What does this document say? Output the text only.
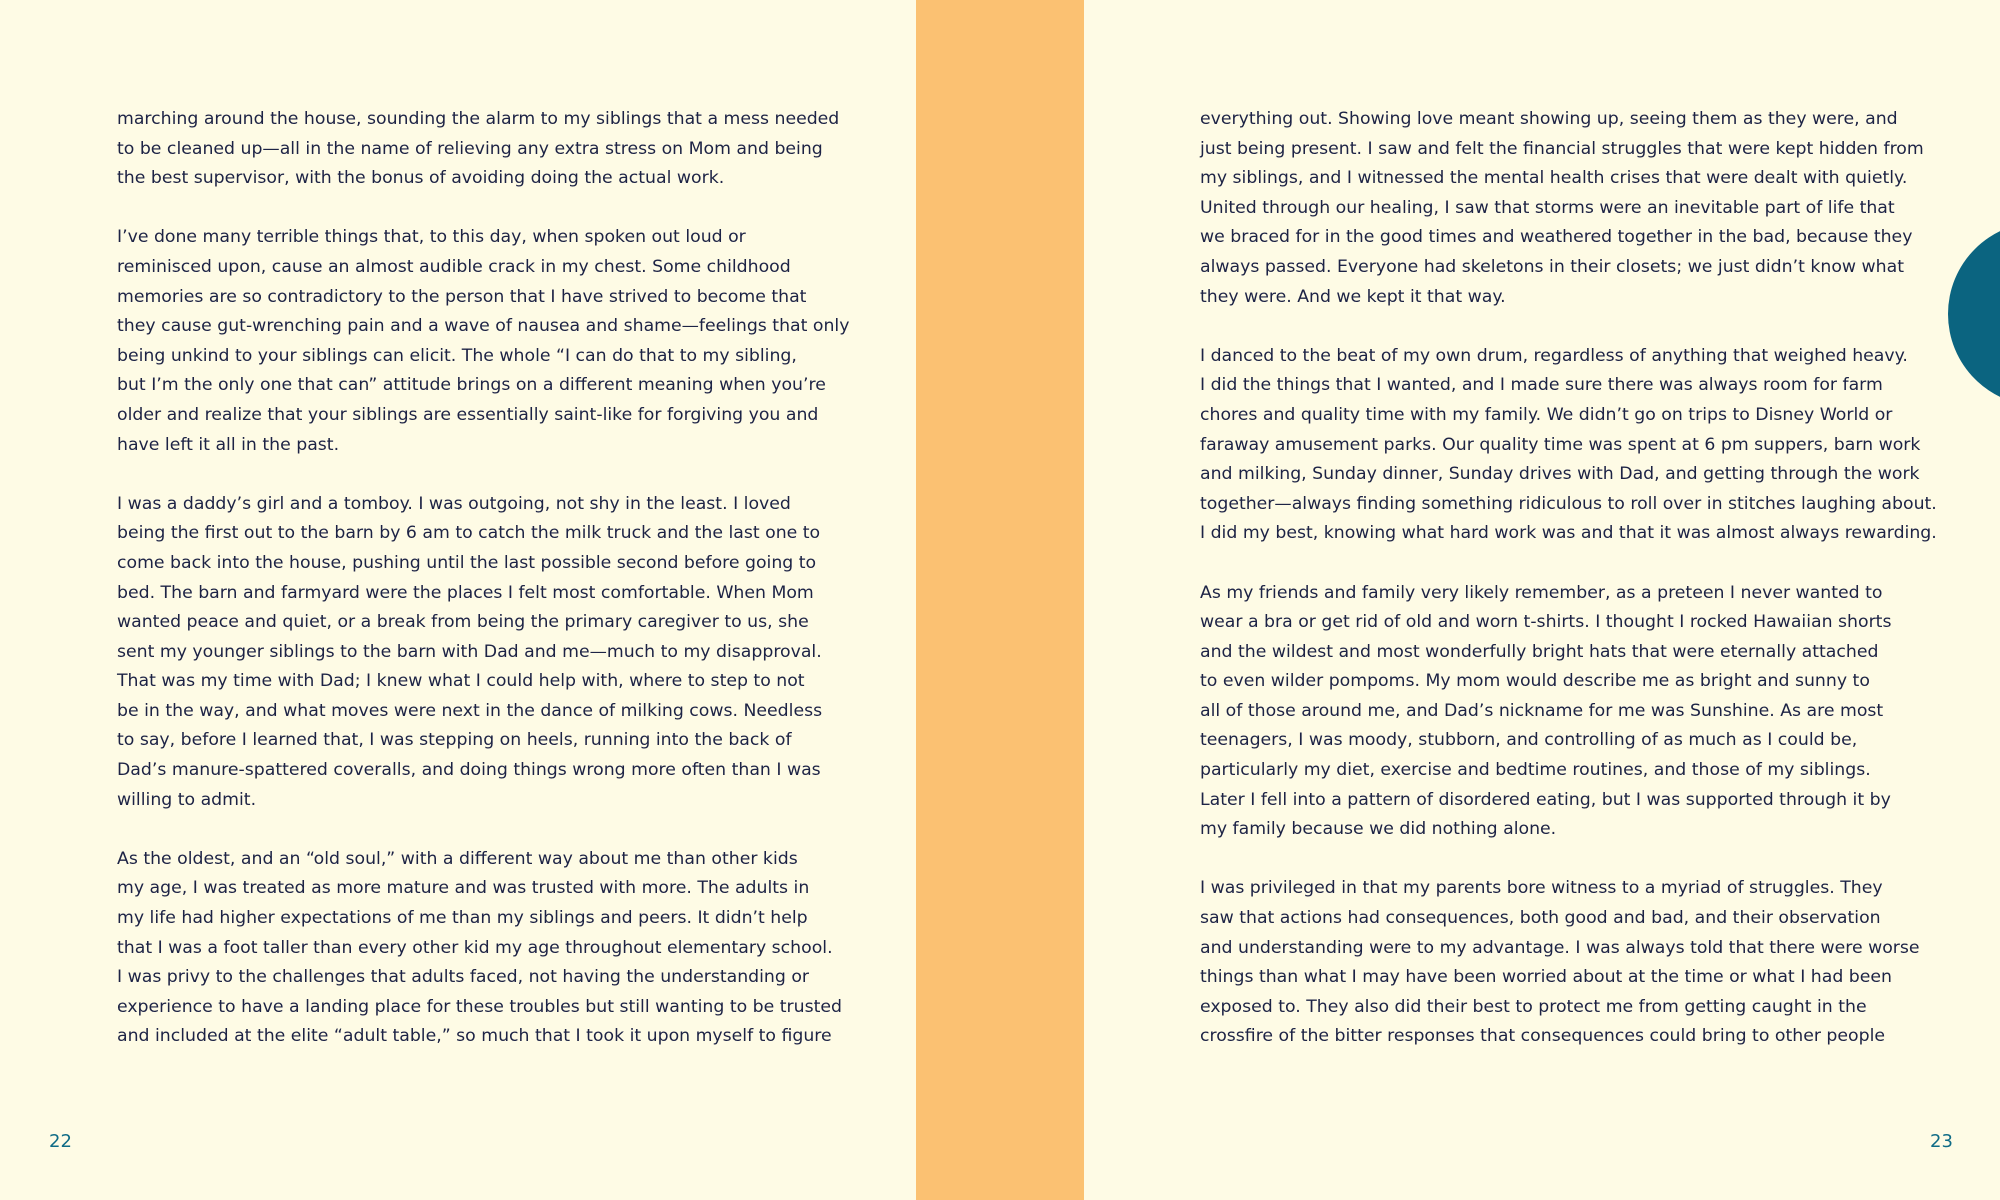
marching around the house, sounding the alarm to my siblings that a mess needed
to be cleaned up—all in the name of relieving any extra stress on Mom and being
the best supervisor, with the bonus of avoiding doing the actual work.

I’ve done many terrible things that, to this day, when spoken out loud or
reminisced upon, cause an almost audible crack in my chest. Some childhood
memories are so contradictory to the person that I have strived to become that
they cause gut-wrenching pain and a wave of nausea and shame—feelings that only
being unkind to your siblings can elicit. The whole “I can do that to my sibling,
but I’m the only one that can” attitude brings on a different meaning when you’re
older and realize that your siblings are essentially saint-like for forgiving you and
have left it all in the past.

I was a daddy’s girl and a tomboy. I was outgoing, not shy in the least. I loved
being the first out to the barn by 6 am to catch the milk truck and the last one to
come back into the house, pushing until the last possible second before going to
bed. The barn and farmyard were the places I felt most comfortable. When Mom
wanted peace and quiet, or a break from being the primary caregiver to us, she
sent my younger siblings to the barn with Dad and me—much to my disapproval.
That was my time with Dad; I knew what I could help with, where to step to not
be in the way, and what moves were next in the dance of milking cows. Needless
to say, before I learned that, I was stepping on heels, running into the back of
Dad’s manure-spattered coveralls, and doing things wrong more often than I was
willing to admit.

As the oldest, and an “old soul,” with a different way about me than other kids
my age, I was treated as more mature and was trusted with more. The adults in
my life had higher expectations of me than my siblings and peers. It didn’t help
that I was a foot taller than every other kid my age throughout elementary school.
I was privy to the challenges that adults faced, not having the understanding or
experience to have a landing place for these troubles but still wanting to be trusted
and included at the elite “adult table,” so much that I took it upon myself to figure

22

everything out. Showing love meant showing up, seeing them as they were, and
just being present. I saw and felt the financial struggles that were kept hidden from
my siblings, and I witnessed the mental health crises that were dealt with quietly.
United through our healing, I saw that storms were an inevitable part of life that
we braced for in the good times and weathered together in the bad, because they
always passed. Everyone had skeletons in their closets; we just didn’t know what
they were. And we kept it that way.

I danced to the beat of my own drum, regardless of anything that weighed heavy.
I did the things that I wanted, and I made sure there was always room for farm
chores and quality time with my family. We didn’t go on trips to Disney World or
faraway amusement parks. Our quality time was spent at 6 pm suppers, barn work
and milking, Sunday dinner, Sunday drives with Dad, and getting through the work
together—always finding something ridiculous to roll over in stitches laughing about.
I did my best, knowing what hard work was and that it was almost always rewarding.

As my friends and family very likely remember, as a preteen I never wanted to
wear a bra or get rid of old and worn t-shirts. I thought I rocked Hawaiian shorts
and the wildest and most wonderfully bright hats that were eternally attached
to even wilder pompoms. My mom would describe me as bright and sunny to
all of those around me, and Dad’s nickname for me was Sunshine. As are most
teenagers, I was moody, stubborn, and controlling of as much as I could be,
particularly my diet, exercise and bedtime routines, and those of my siblings.
Later I fell into a pattern of disordered eating, but I was supported through it by
my family because we did nothing alone.

I was privileged in that my parents bore witness to a myriad of struggles. They
saw that actions had consequences, both good and bad, and their observation
and understanding were to my advantage. I was always told that there were worse
things than what I may have been worried about at the time or what I had been
exposed to. They also did their best to protect me from getting caught in the
crossfire of the bitter responses that consequences could bring to other people

23
